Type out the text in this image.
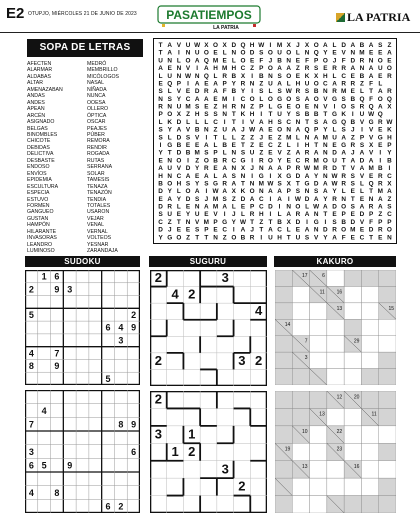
E2 OTUPJO, MIÉRCOLES 21 DE JUNIO DE 2023 PASATIEMPOS
LA PATRIA
LA PATRIA
SOPA DE LETRAS
AFECTEN
ALARMAR
ALDABAS
ALTAR
AMENAZABAN
ANDAS
ANDES
APEAN
ARCÉN
ASIGNADO
BELGAS
BINOMBLES
CHICOTE
DEBIDAS
DELICTIVA
DESBASTE
ENDOSO
ENVÍOS
EPIDEMIA
ESCULTURA
ESPECIA
ESTUVO
FORMEN
GANGUEO
GUSTAN
HAMPÓN
HILARANTE
INVASORAS
LEANDRO
LUMINOSO
MEDRÓ
MEMBRILLO
MICÓLOGOS
NASAL
NÍÑADA
NUNCA
OOESA
OLLERO
ÓPTICA
OSCAR
PEAJES
PÚBER
REMORA
RENDIR
ROGADA
RUTAS
SERRANA
SOLAR
TAMESIS
TENAZA
TENAZÓN
TENDIA
TOTALES
USARON
VEJAR
VENAL
VERNAL
VOLTEOS
YESNAR
ZARANDAJA
T A V U W X O X D Q H W I M X J X O A L D A B A S Z
T A I N U O E L N O D S O U O L N Q Y E V N M E E A
U N L O A Q M E L O E F J B N E F P O J F D R N O E
A E N V I A H M H C Z P O A A Z R S E R R A N A U O
L U N W N Q L R B X I B N S O E K X H L C E B A E R
E Q P I A E A P Y R N Z U A L H U O C A R R Z F L
S L V E D R A F B Y I S L S W R S B N R M E L T A R
N S Y C A A E M I C O L O G O S A O V G S B Q F O Q
R N U M S E Z H R N Z P L G E O E N V I O S R Q A X
P O X Z H S S N T K H I T U Y S B B T G K I U W Q
L K D L L L C I T I V A H S C N T S A G Q B V G R W
S Y A V B N Z U A J W A E O N A Q P Y L S J I V E K
S L D S V I T L L Z Z J E Z M L N A M U A Z P V G H
I G B E E A L B E T Z E C Z L I H T N E G R S X E P
Y T D B M S P L N S U Z E V Z A R A N D A J A V I Y
E N O I Z O B R C G I R O Y E C R M O U T A D A I B
A U V D Y R E A N X J N A A P R W M R D T V A M B I
H N C A E A L A S N I G I X G D A Y N W R S V E R C
B O H S Y S G R A T N M W S X T G D A W R S L Q R X
D Y L O A I W A X K O N A A P S N S A Y L E L T M A
E A Y D S J M S Z D A C I A I W D A Y R N T E N A Z
D R L E N A M A L E P C D I N O L W A D O S A R A S
S U E Y U E V I J L R H I L A R A N T E P E D P Z C
C Z T N V M P G Y W T Z T B X D I G I S B D V F P P
D J E E S P E C I A J T A C L E A N D R O M E D R O
Y G O Z T T N Z O B R I U H T U S V Y A F E C T E N
SUDOKU	SUGURU	KAKURO
1 6
2 9 3
5	2
6 4 9
3
4 7
8 9
5
4
7	8 9
3	6
6 5 9
4 8
6 2
2	3
4 2
4
2	3 2
2
3 1
1 2
3
2
17	6
11 16
13	15
14
7	29
3
12 20
13	11
10	22
19	23
13	16
